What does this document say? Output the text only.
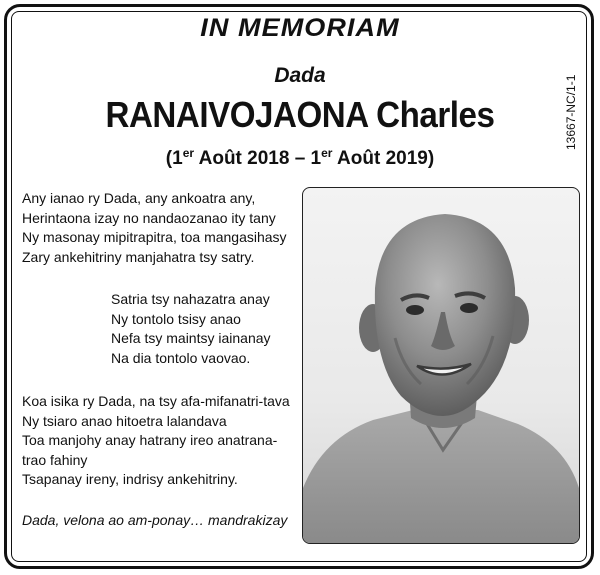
IN MEMORIAM
Dada
RANAIVOJAONA Charles
(1er Août 2018 – 1er Août 2019)
13667-NC/1-1
Any ianao ry Dada, any ankoatra any,
Herintaona izay no nandaozanao ity tany
Ny masonay mipitrapitra, toa mangasihasy
Zary ankehitriny manjahatra tsy satry.
Satria tsy nahazatra anay
Ny tontolo tsisy anao
Nefa tsy maintsy iainanay
Na dia tontolo vaovao.
Koa isika ry Dada, na tsy afa-mifanatri-tava
Ny tsiaro anao hitoetra lalandava
Toa manjohy anay hatrany ireo anatrana-
trao fahiny
Tsapanay ireny, indrisy ankehitriny.
Dada, velona ao am-ponay… mandrakizay
